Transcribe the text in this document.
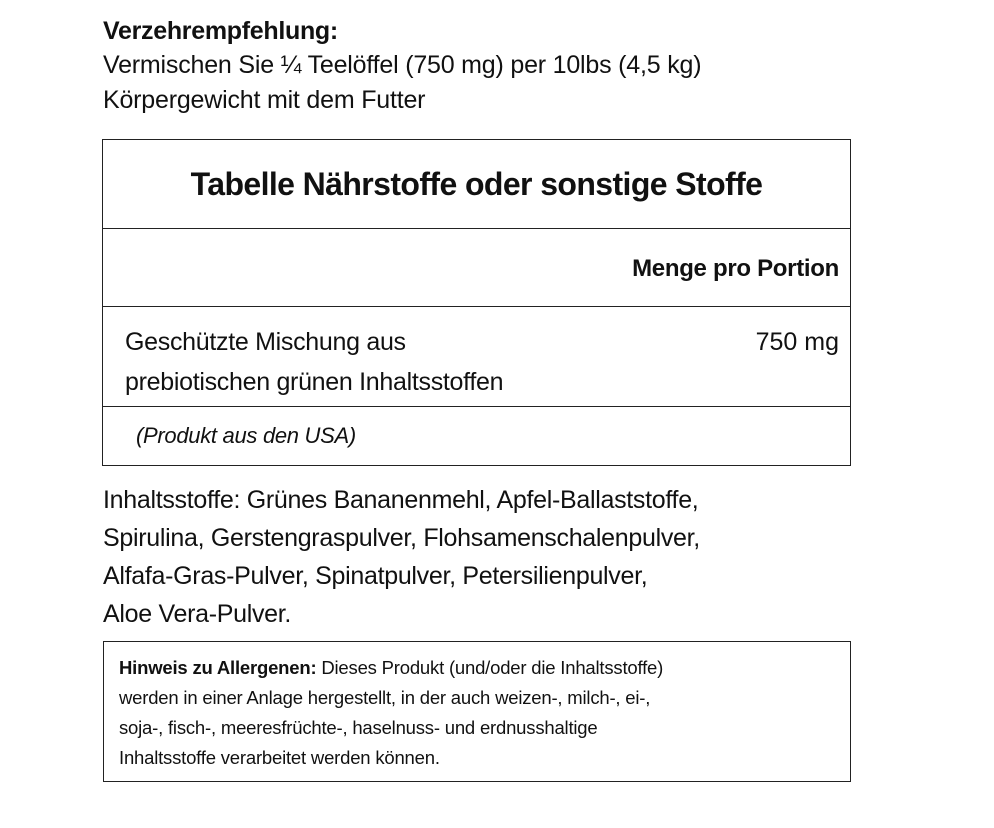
Verzehrempfehlung:
Vermischen Sie ¼ Teelöffel (750 mg) per 10lbs (4,5 kg)
Körpergewicht mit dem Futter
Tabelle Nährstoffe oder sonstige Stoffe
Menge pro Portion
Geschützte Mischung aus
prebiotischen grünen Inhaltsstoffen
750 mg
(Produkt aus den USA)
Inhaltsstoffe: Grünes Bananenmehl, Apfel-Ballaststoffe,
Spirulina, Gerstengraspulver, Flohsamenschalenpulver,
Alfafa-Gras-Pulver, Spinatpulver, Petersilienpulver,
Aloe Vera-Pulver.
Hinweis zu Allergenen: Dieses Produkt (und/oder die Inhaltsstoffe)
werden in einer Anlage hergestellt, in der auch weizen-, milch-, ei-,
soja-, fisch-, meeresfrüchte-, haselnuss- und erdnusshaltige
Inhaltsstoffe verarbeitet werden können.
